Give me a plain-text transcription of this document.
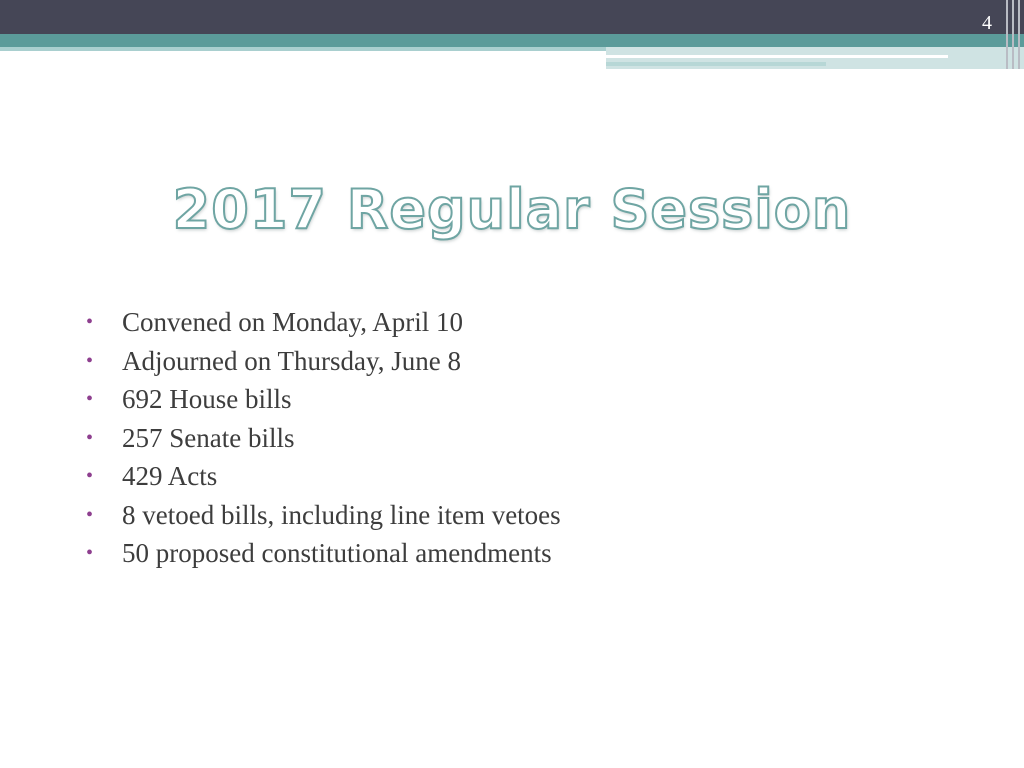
4
2017 Regular Session
• Convened on Monday, April 10
• Adjourned on Thursday, June 8
• 692 House bills
• 257 Senate bills
• 429 Acts
• 8 vetoed bills, including line item vetoes
• 50 proposed constitutional amendments
